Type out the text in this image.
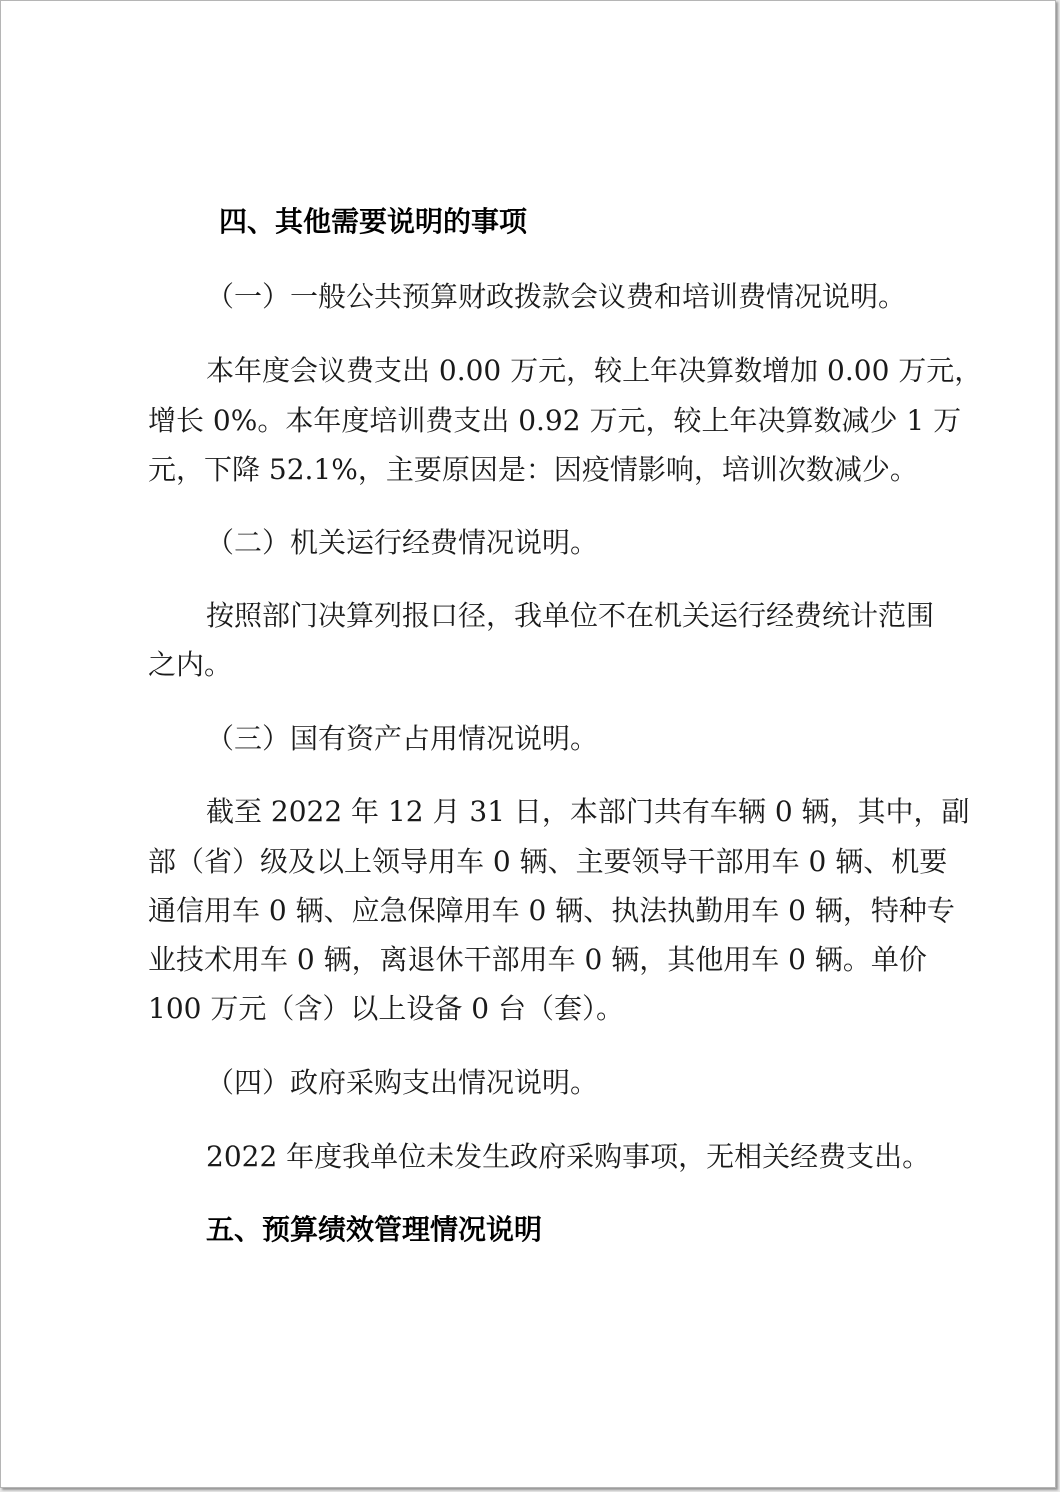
四、其他需要说明的事项
（一）一般公共预算财政拨款会议费和培训费情况说明。
本年度会议费支出 0.00 万元，较上年决算数增加 0.00 万元，
增长 0%。本年度培训费支出 0.92 万元，较上年决算数减少 1 万
元，下降 52.1%，主要原因是：因疫情影响，培训次数减少。
（二）机关运行经费情况说明。
按照部门决算列报口径，我单位不在机关运行经费统计范围
之内。
（三）国有资产占用情况说明。
截至 2022 年 12 月 31 日，本部门共有车辆 0 辆，其中，副
部（省）级及以上领导用车 0 辆、主要领导干部用车 0 辆、机要
通信用车 0 辆、应急保障用车 0 辆、执法执勤用车 0 辆，特种专
业技术用车 0 辆，离退休干部用车 0 辆，其他用车 0 辆。单价
100 万元（含）以上设备 0 台（套）。
（四）政府采购支出情况说明。
2022 年度我单位未发生政府采购事项，无相关经费支出。
五、预算绩效管理情况说明
